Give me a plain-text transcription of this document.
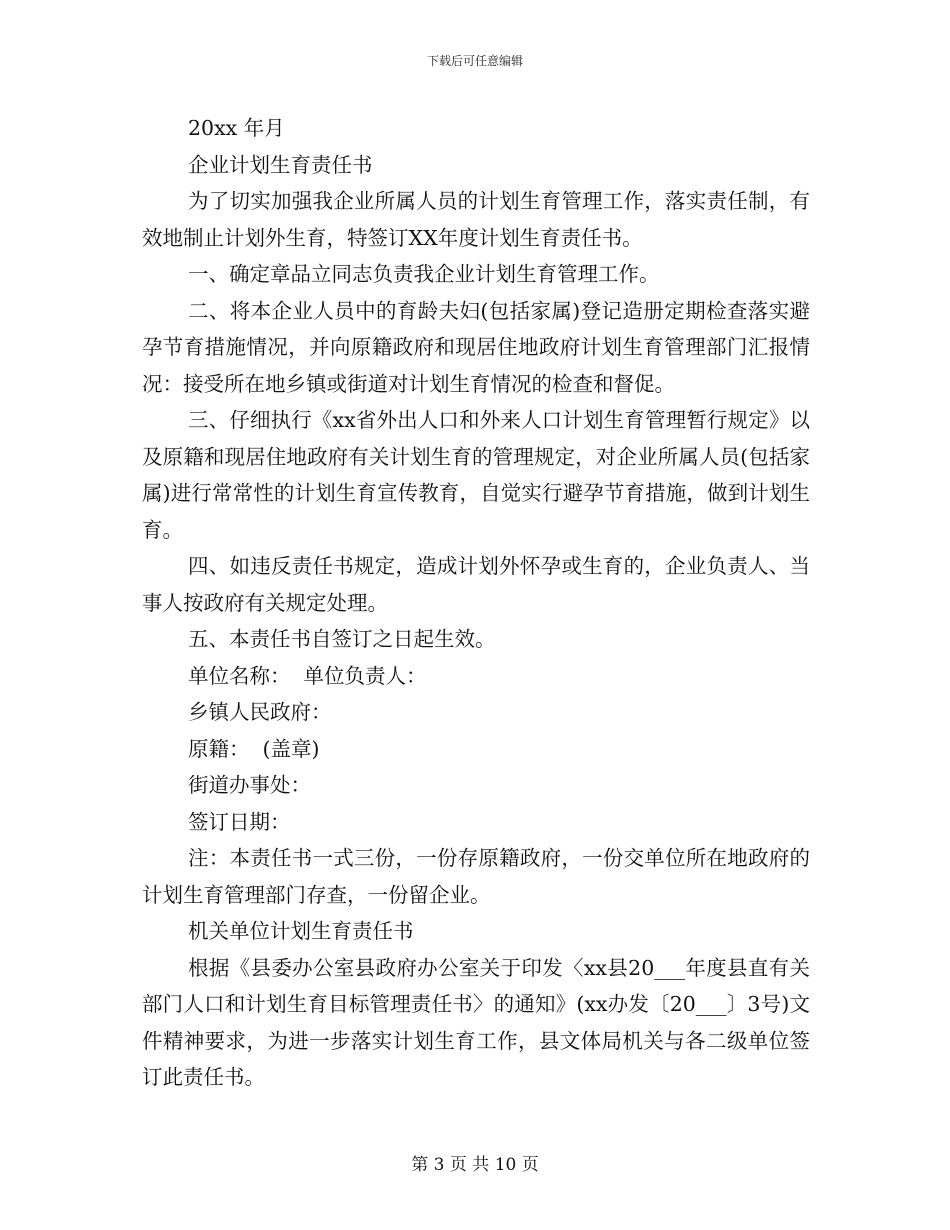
下载后可任意编辑

20xx 年月

企业计划生育责任书

为了切实加强我企业所属人员的计划生育管理工作，落实责任制，有效地制止计划外生育，特签订XX年度计划生育责任书。

一、确定章品立同志负责我企业计划生育管理工作。

二、将本企业人员中的育龄夫妇(包括家属)登记造册定期检查落实避孕节育措施情况，并向原籍政府和现居住地政府计划生育管理部门汇报情况：接受所在地乡镇或街道对计划生育情况的检查和督促。

三、仔细执行《xx省外出人口和外来人口计划生育管理暂行规定》以及原籍和现居住地政府有关计划生育的管理规定，对企业所属人员(包括家属)进行常常性的计划生育宣传教育，自觉实行避孕节育措施，做到计划生育。

四、如违反责任书规定，造成计划外怀孕或生育的，企业负责人、当事人按政府有关规定处理。

五、本责任书自签订之日起生效。

单位名称：  单位负责人：

乡镇人民政府：

原籍：  (盖章)

街道办事处：

签订日期：

注：本责任书一式三份，一份存原籍政府，一份交单位所在地政府的计划生育管理部门存查，一份留企业。

机关单位计划生育责任书

根据《县委办公室县政府办公室关于印发〈xx县20___年度县直有关部门人口和计划生育目标管理责任书〉的通知》(xx办发〔20___〕3号)文件精神要求，为进一步落实计划生育工作，县文体局机关与各二级单位签订此责任书。

第 3 页 共 10 页
